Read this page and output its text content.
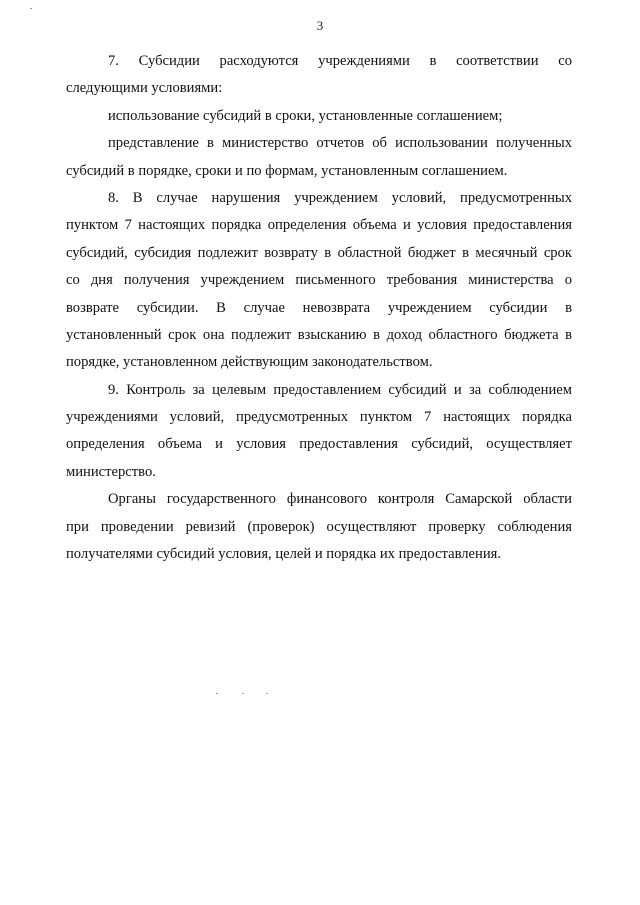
3
7. Субсидии расходуются учреждениями в соответствии со
следующими условиями:
использование субсидий в сроки, установленные соглашением;
представление в министерство отчетов об использовании полученных
субсидий в порядке, сроки и по формам, установленным соглашением.
8. В случае нарушения учреждением условий, предусмотренных
пунктом 7 настоящих порядка определения объема и условия предоставления
субсидий, субсидия подлежит возврату в областной бюджет в месячный срок
со дня получения учреждением письменного требования министерства о
возврате субсидии. В случае невозврата учреждением субсидии в
установленный срок она подлежит взысканию в доход областного бюджета в
порядке, установленном действующим законодательством.
9. Контроль за целевым предоставлением субсидий и за соблюдением
учреждениями условий, предусмотренных пунктом 7 настоящих порядка
определения объема и условия предоставления субсидий, осуществляет
министерство.
Органы государственного финансового контроля Самарской области
при проведении ревизий (проверок) осуществляют проверку соблюдения
получателями субсидий условия, целей и порядка их предоставления.
